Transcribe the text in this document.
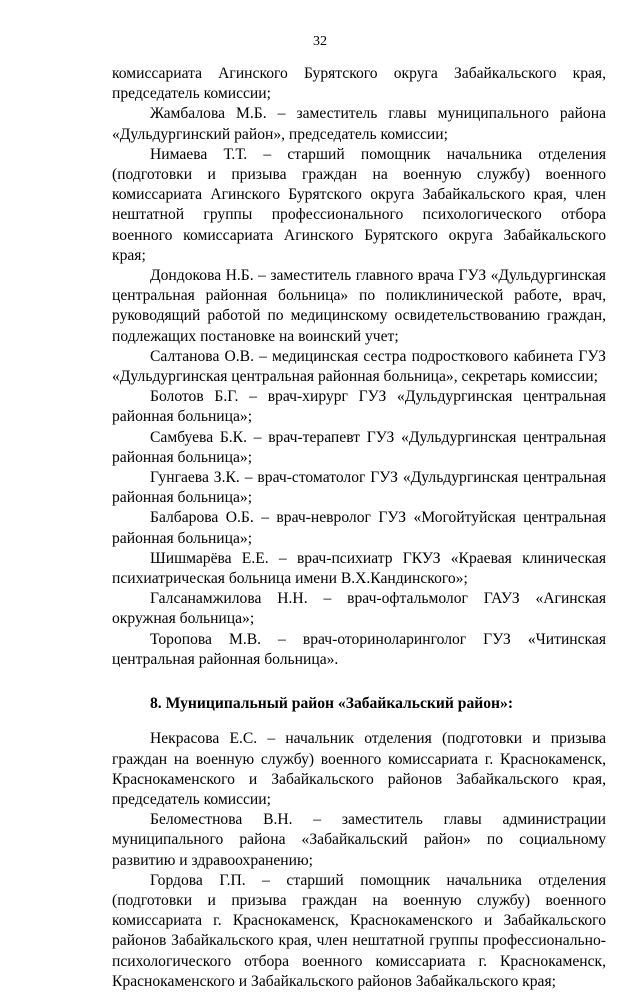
32

комиссариата Агинского Бурятского округа Забайкальского края, председатель комиссии;

Жамбалова М.Б. – заместитель главы муниципального района «Дульдургинский район», председатель комиссии;

Нимаева Т.Т. – старший помощник начальника отделения (подготовки и призыва граждан на военную службу) военного комиссариата Агинского Бурятского округа Забайкальского края, член нештатной группы профессионального психологического отбора военного комиссариата Агинского Бурятского округа Забайкальского края;

Дондокова Н.Б. – заместитель главного врача ГУЗ «Дульдургинская центральная районная больница» по поликлинической работе, врач, руководящий работой по медицинскому освидетельствованию граждан, подлежащих постановке на воинский учет;

Салтанова О.В. – медицинская сестра подросткового кабинета ГУЗ «Дульдургинская центральная районная больница», секретарь комиссии;

Болотов Б.Г. – врач-хирург ГУЗ «Дульдургинская центральная районная больница»;

Самбуева Б.К. – врач-терапевт ГУЗ «Дульдургинская центральная районная больница»;

Гунгаева З.К. – врач-стоматолог ГУЗ «Дульдургинская центральная районная больница»;

Балбарова О.Б. – врач-невролог ГУЗ «Могойтуйская центральная районная больница»;

Шишмарёва Е.Е. – врач-психиатр ГКУЗ «Краевая клиническая психиатрическая больница имени В.Х.Кандинского»;

Галсанамжилова Н.Н. – врач-офтальмолог ГАУЗ «Агинская окружная больница»;

Торопова М.В. – врач-оториноларинголог ГУЗ «Читинская центральная районная больница».

8. Муниципальный район «Забайкальский район»:

Некрасова Е.С. – начальник отделения (подготовки и призыва граждан на военную службу) военного комиссариата г. Краснокаменск, Краснокаменского и Забайкальского районов Забайкальского края, председатель комиссии;

Беломестнова В.Н. – заместитель главы администрации муниципального района «Забайкальский район» по социальному развитию и здравоохранению;

Гордова Г.П. – старший помощник начальника отделения (подготовки и призыва граждан на военную службу) военного комиссариата г. Краснокаменск, Краснокаменского и Забайкальского районов Забайкальского края, член нештатной группы профессионально-психологического отбора военного комиссариата г. Краснокаменск, Краснокаменского и Забайкальского районов Забайкальского края;
